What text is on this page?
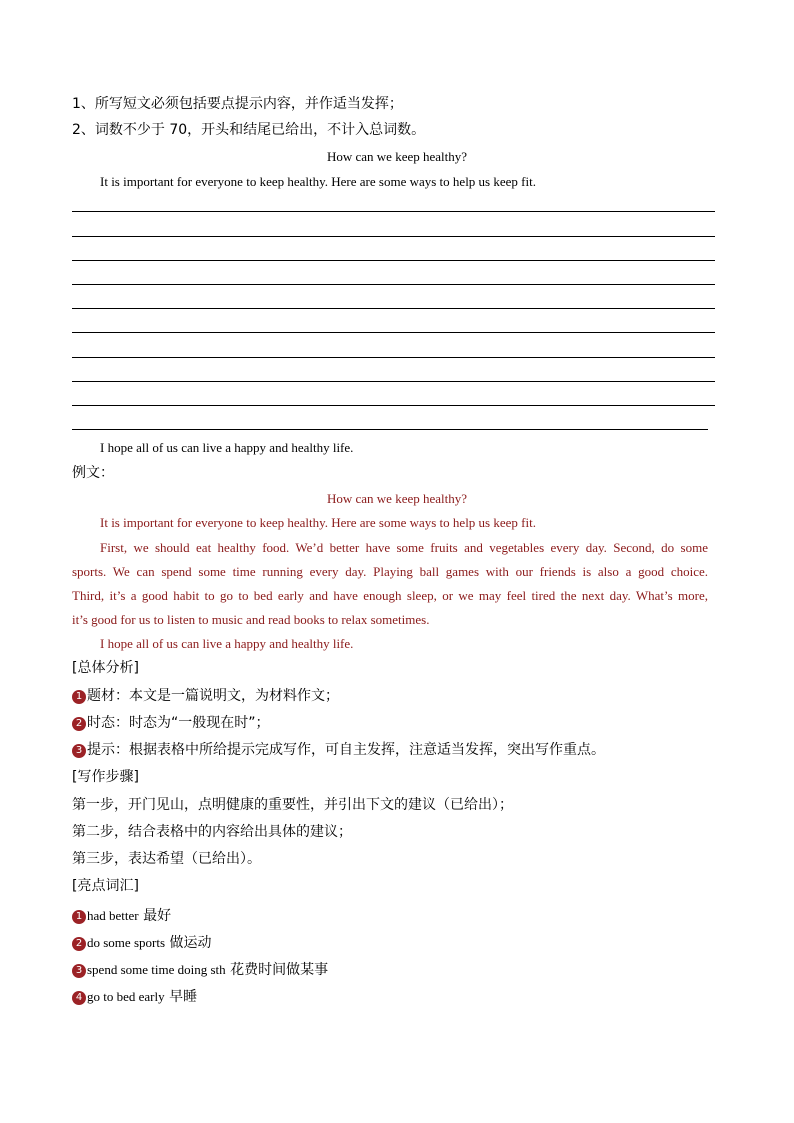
1、所写短文必须包括要点提示内容，并作适当发挥；
2、词数不少于 70，开头和结尾已给出，不计入总词数。
How can we keep healthy?
It is important for everyone to keep healthy. Here are some ways to help us keep fit.
I hope all of us can live a happy and healthy life.
例文：
How can we keep healthy?
It is important for everyone to keep healthy. Here are some ways to help us keep fit.
First, we should eat healthy food. We’d better have some fruits and vegetables every day. Second, do some
sports. We can spend some time running every day. Playing ball games with our friends is also a good choice.
Third, it’s a good habit to go to bed early and have enough sleep, or we may feel tired the next day. What’s more,
it’s good for us to listen to music and read books to relax sometimes.
I hope all of us can live a happy and healthy life.
[总体分析]
1 题材：本文是一篇说明文，为材料作文；
2 时态：时态为“一般现在时”；
3 提示：根据表格中所给提示完成写作，可自主发挥，注意适当发挥，突出写作重点。
[写作步骤]
第一步，开门见山，点明健康的重要性，并引出下文的建议（已给出）；
第二步，结合表格中的内容给出具体的建议；
第三步，表达希望（已给出）。
[亮点词汇]
1 had better 最好
2 do some sports 做运动
3 spend some time doing sth 花费时间做某事
4 go to bed early 早睡
